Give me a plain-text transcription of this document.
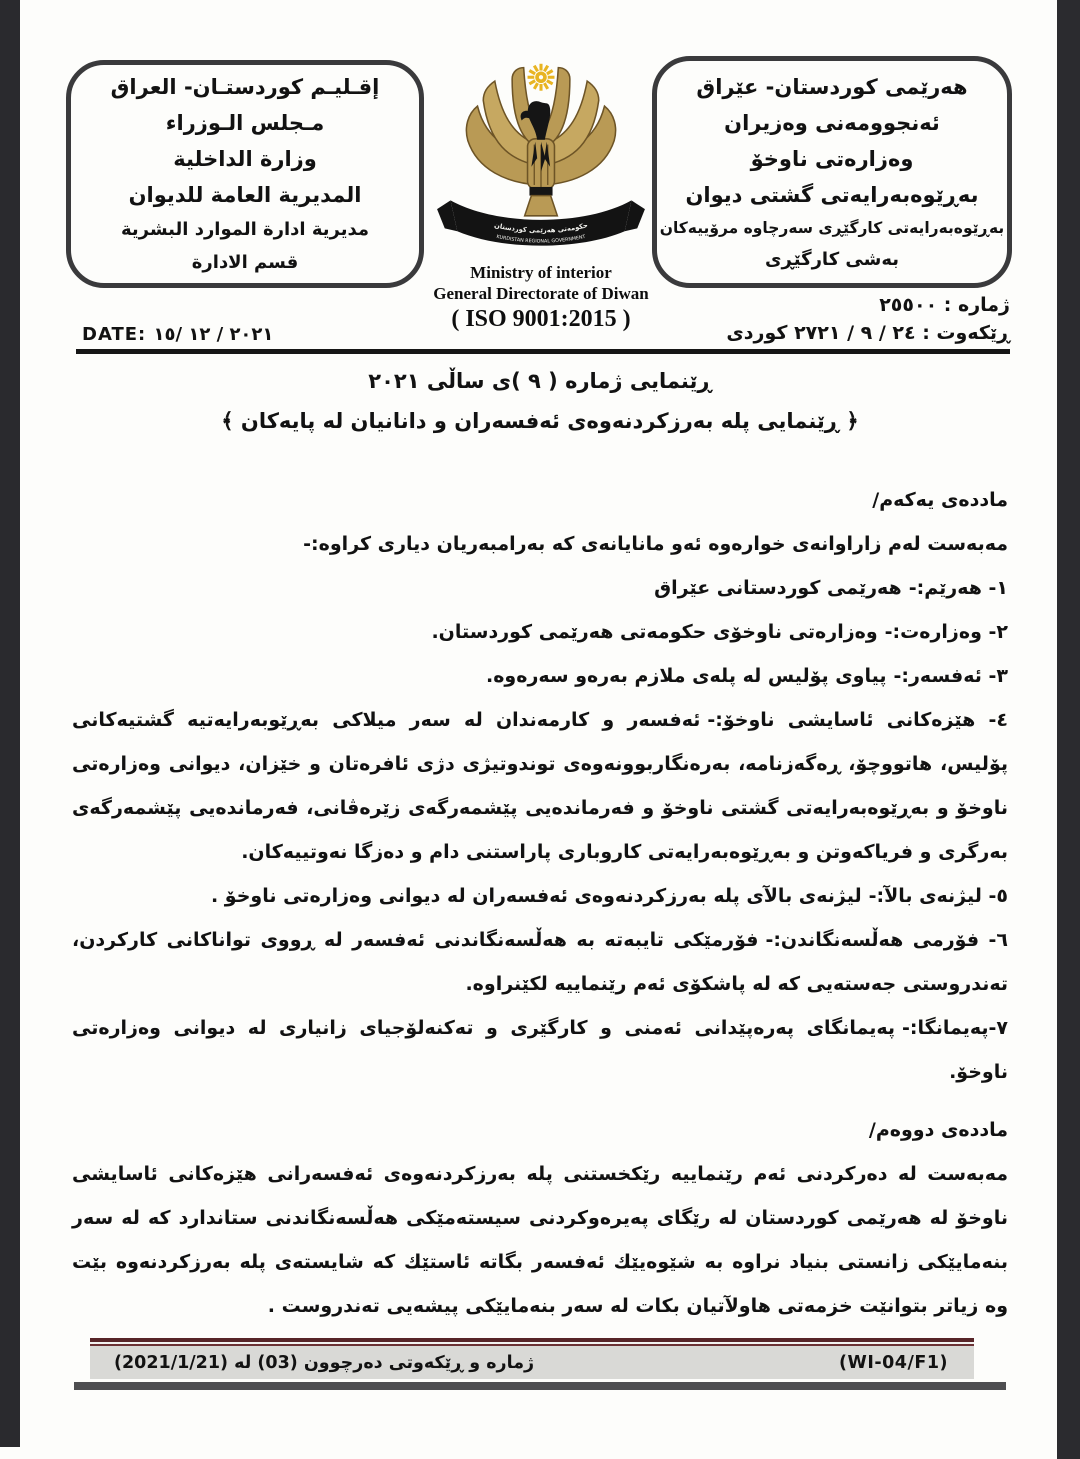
إقـليـم كوردستـان- العراق
مـجلس الـوزراء
وزارة الداخلية
المديرية العامة للديوان
مديرية ادارة الموارد البشرية
قسم الادارة
حکومەتی هەرێمی کوردستان
KURDISTAN REGIONAL GOVERNMENT
Ministry of interior
General Directorate of Diwan
( ISO 9001:2015 )
هەرێمی کوردستان- عێراق
ئەنجوومەنی وەزیران
وەزارەتی ناوخۆ
بەڕێوەبەرایەتی گشتی دیوان
بەڕێوەبەرایەتی کارگێڕی سەرچاوە مرۆییەکان
بەشی کارگێڕی
ژماره : ٢٥٥٠٠
ڕێکەوت : ٢٤ / ٩ / ٢٧٢١ کوردی
DATE: ٢٠٢١ / ١٢ /١٥
ڕێنمایی ژماره ( ٩ )ی ساڵی ٢٠٢١
﴿ ڕێنمایی پله بەرزکردنەوەی ئەفسەران و دانانیان له پایەکان ﴾
ماددەی یەکەم/

مەبەست لەم زاراوانەی خوارەوە ئەو مانایانەی کە بەرامبەریان دیاری کراوە:-

١- هەرێم:-هەرێمی کوردستانی عێراق

٢- وەزارەت:-وەزارەتی ناوخۆی حکومەتی هەرێمی کوردستان.

٣- ئەفسەر:-پیاوی پۆلیس له پلەی ملازم بەرەو سەرەوە.

٤- هێزەکانی ئاسایشی ناوخۆ:-ئەفسەر و کارمەندان له سەر میلاکی بەڕێوبەرایەتیه گشتیەکانی پۆلیس، هاتووچۆ، ڕەگەزنامه، بەرەنگاربوونەوەی توندوتیژی دژی ئافرەتان و خێزان، دیوانی وەزارەتی ناوخۆ و بەڕێوەبەرایەتی گشتی ناوخۆ و فەرماندەیی پێشمەرگەی زێرەڤانی، فەرماندەیی پێشمەرگەی بەرگری و فریاکەوتن و بەڕێوەبەرایەتی کاروباری پاراستنی دام و دەزگا نەوتییەکان.

٥- لیژنەی بالآ:-لیژنەی بالآی پله بەرزکردنەوەی ئەفسەران له دیوانی وەزارەتی ناوخۆ .

٦- فۆرمی هەڵسەنگاندن:-فۆرمێکی تایبەته به هەڵسەنگاندنی ئەفسەر له ڕووی تواناکانی کارکردن، تەندروستی جەستەیی که له پاشکۆی ئەم رێنماییه لکێنراوه.

٧-پەیمانگا:-پەیمانگای پەرەپێدانی ئەمنی و کارگێری و تەکنەلۆجیای زانیاری له دیوانی وەزارەتی ناوخۆ.

ماددەی دووەم/

مەبەست له دەرکردنی ئەم رێنماییه رێکخستنی پله بەرزکردنەوەی ئەفسەرانی هێزەکانی ئاسایشی ناوخۆ له هەرێمی کوردستان له رێگای پەیرەوکردنی سیستەمێکی هەڵسەنگاندنی ستاندارد که له سەر بنەمایێکی زانستی بنیاد نراوه به شێوەیێك ئەفسەر بگاته ئاستێك که شایستەی پله بەرزکردنەوه بێت وه زیاتر بتوانێت خزمەتی هاولآتیان بکات له سەر بنەمایێکی پیشەیی تەندروست .

ژماره و ڕێکەوتی دەرچوون (03) له (2021/1/21)	(WI-04/F1)
